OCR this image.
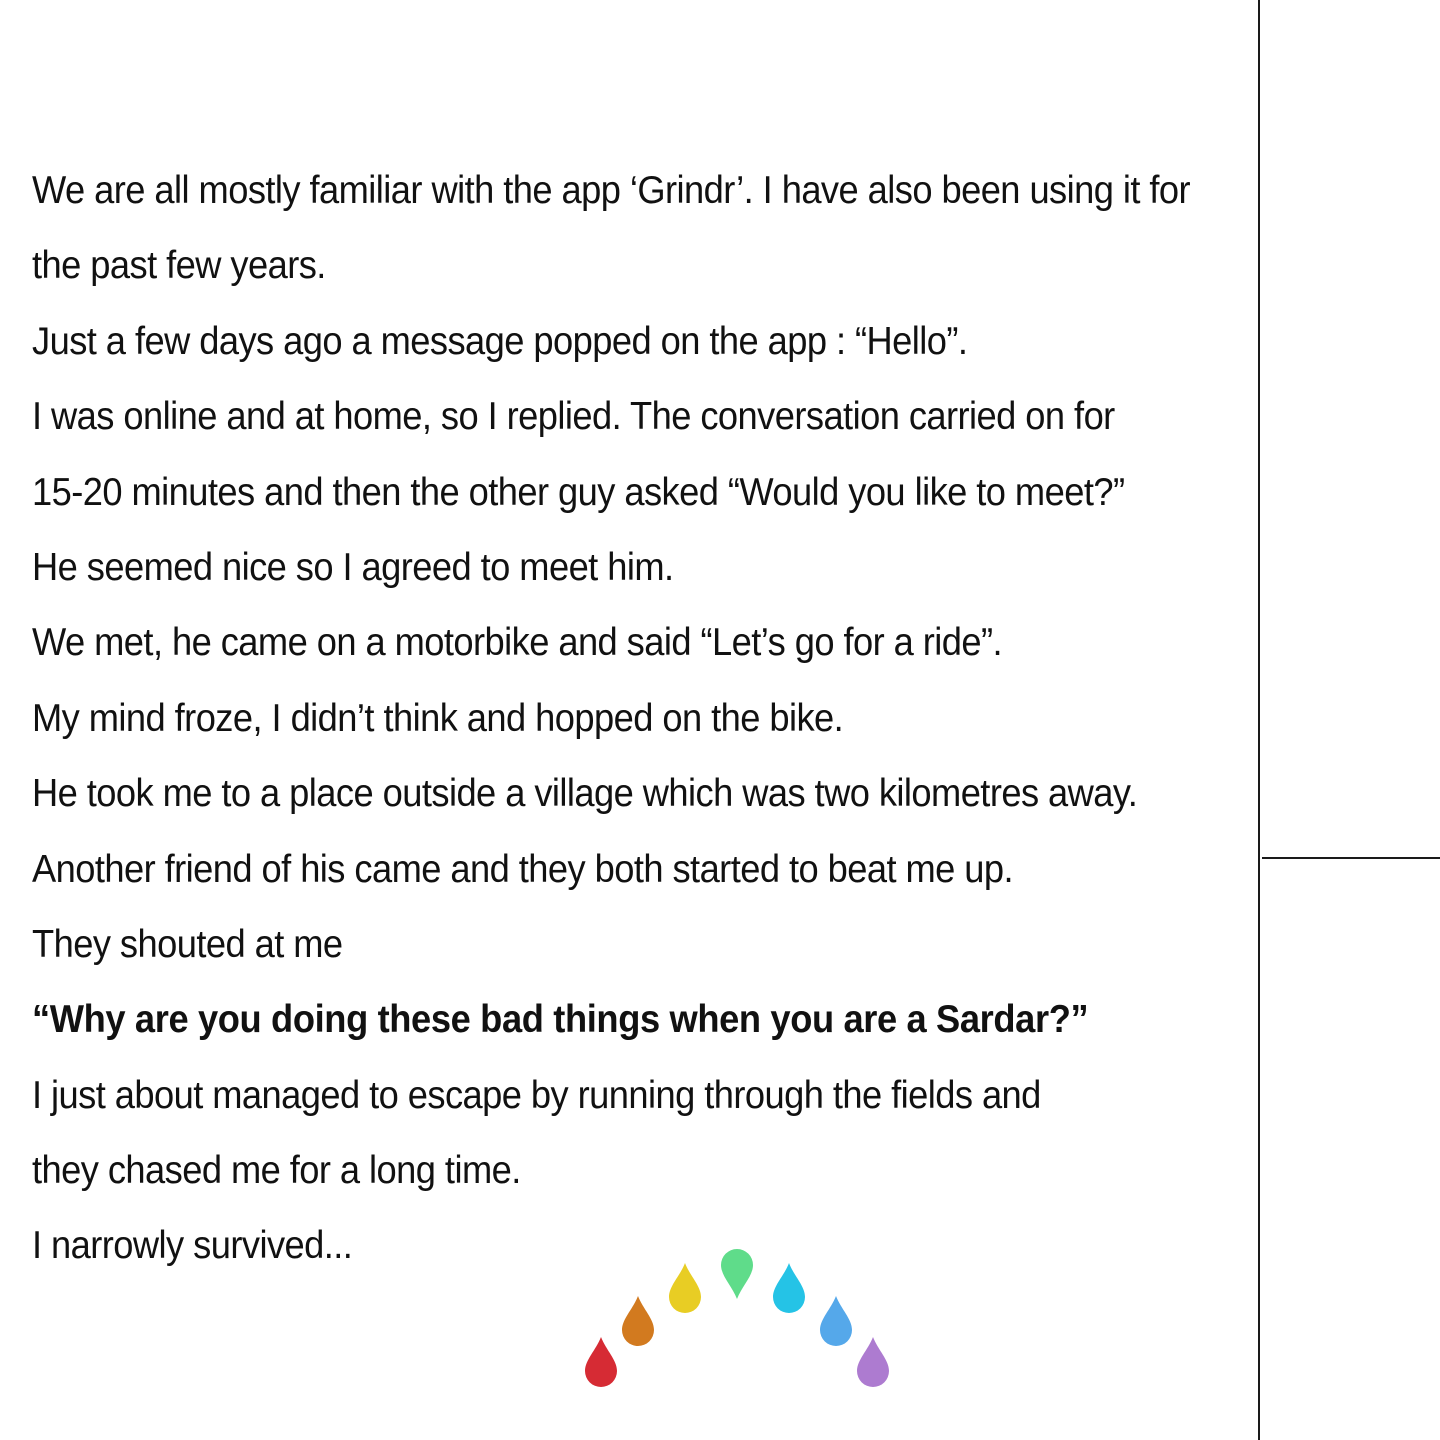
We are all mostly familiar with the app ‘Grindr’. I have also been using it for
the past few years.
Just a few days ago a message popped on the app : “Hello”.
I was online and at home, so I replied. The conversation carried on for
15-20 minutes and then the other guy asked “Would you like to meet?”
He seemed nice so I agreed to meet him.
We met, he came on a motorbike and said “Let’s go for a ride”.
My mind froze, I didn’t think and hopped on the bike.
He took me to a place outside a village which was two kilometres away.
Another friend of his came and they both started to beat me up.
They shouted at me
“Why are you doing these bad things when you are a Sardar?”
I just about managed to escape by running through the fields and
they chased me for a long time.
I narrowly survived...
